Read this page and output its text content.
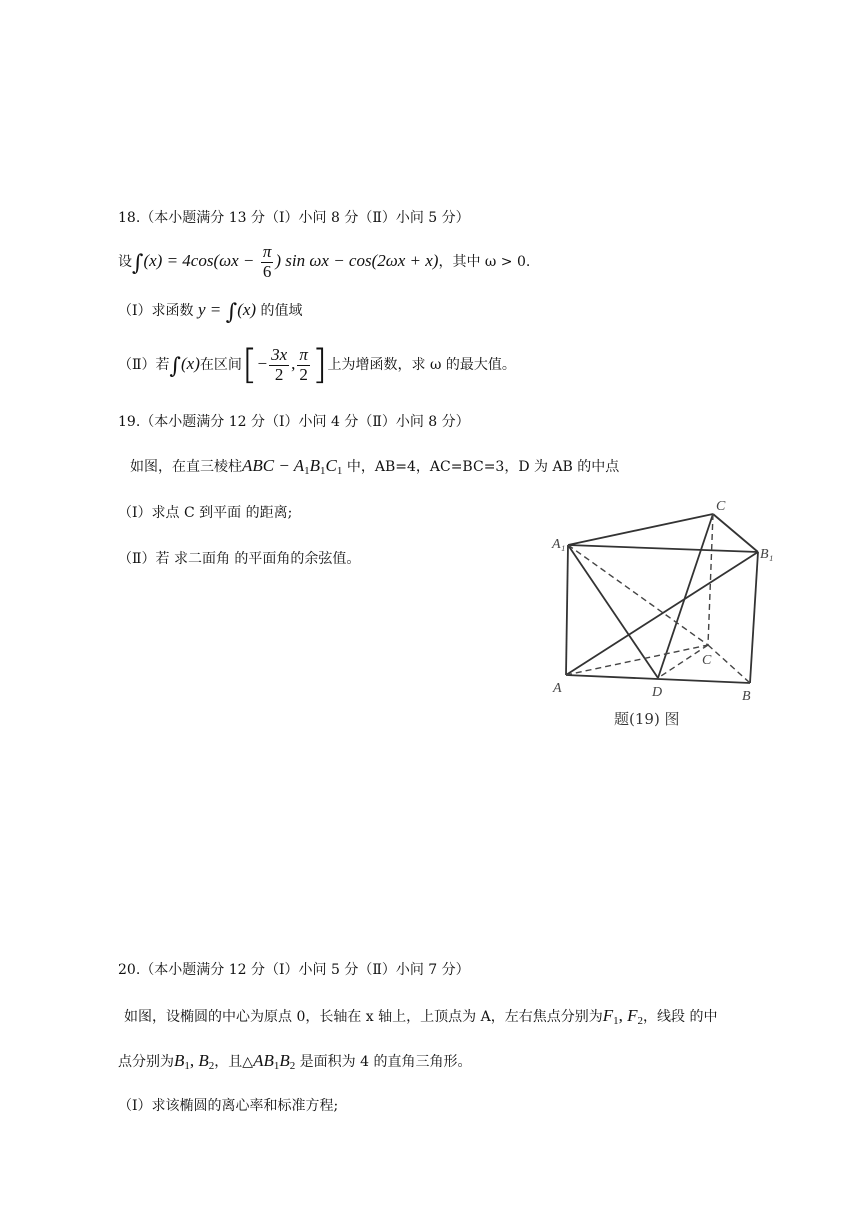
18.（本小题满分 13 分（Ⅰ）小问 8 分（Ⅱ）小问 5 分）
设$\int(x) = 4\cos(\omega x - \frac{\pi}{6}$ ) sin ωx − cos(2ωx + x)，其中 ω > 0.
（Ⅰ）求函数 y = ∫(x) 的值域
（Ⅱ）若∫(x)在区间[− $\frac{3x}{2}$ , $\frac{\pi}{2}$ ]上为增函数，求 ω 的最大值。
19.（本小题满分 12 分（Ⅰ）小问 4 分（Ⅱ）小问 8 分）
如图，在直三棱柱ABC − $A_1B_1C_1$ 中，AB=4，AC=BC=3，D 为 AB 的中点
（Ⅰ）求点 C 到平面 的距离;
（Ⅱ）若 求二面角 的平面角的余弦值。
A₁
C
B₁
A
C
D	B
题(19) 图
20.（本小题满分 12 分（Ⅰ）小问 5 分（Ⅱ）小问 7 分）
如图，设椭圆的中心为原点 0，长轴在 x 轴上，上顶点为 A，左右焦点分别为$F_1$, $F_2$，线段 的中
点分别为$B_1$, $B_2$，且$\triangle AB_1B_2$ 是面积为 4 的直角三角形。
（Ⅰ）求该椭圆的离心率和标准方程;
